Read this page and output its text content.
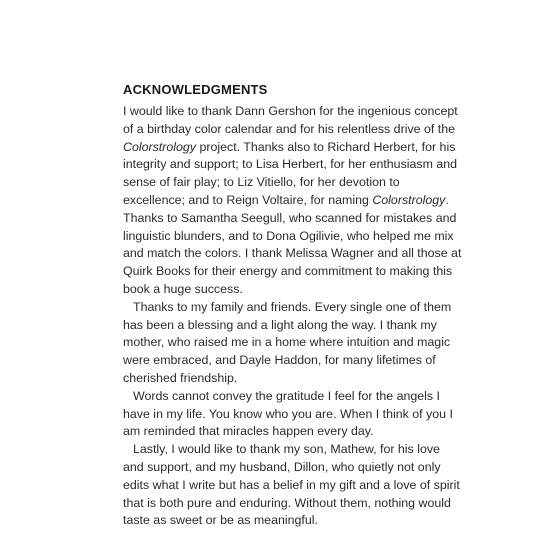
ACKNOWLEDGMENTS

I would like to thank Dann Gershon for the ingenious concept of a birthday color calendar and for his relentless drive of the Colorstrology project. Thanks also to Richard Herbert, for his integrity and support; to Lisa Herbert, for her enthusiasm and sense of fair play; to Liz Vitiello, for her devotion to excellence; and to Reign Voltaire, for naming Colorstrology. Thanks to Samantha Seegull, who scanned for mistakes and linguistic blunders, and to Dona Ogilivie, who helped me mix and match the colors. I thank Melissa Wagner and all those at Quirk Books for their energy and commitment to making this book a huge success.

Thanks to my family and friends. Every single one of them has been a blessing and a light along the way. I thank my mother, who raised me in a home where intuition and magic were embraced, and Dayle Haddon, for many lifetimes of cherished friendship.

Words cannot convey the gratitude I feel for the angels I have in my life. You know who you are. When I think of you I am reminded that miracles happen every day.

Lastly, I would like to thank my son, Mathew, for his love and support, and my husband, Dillon, who quietly not only edits what I write but has a belief in my gift and a love of spirit that is both pure and enduring. Without them, nothing would taste as sweet or be as meaningful.
